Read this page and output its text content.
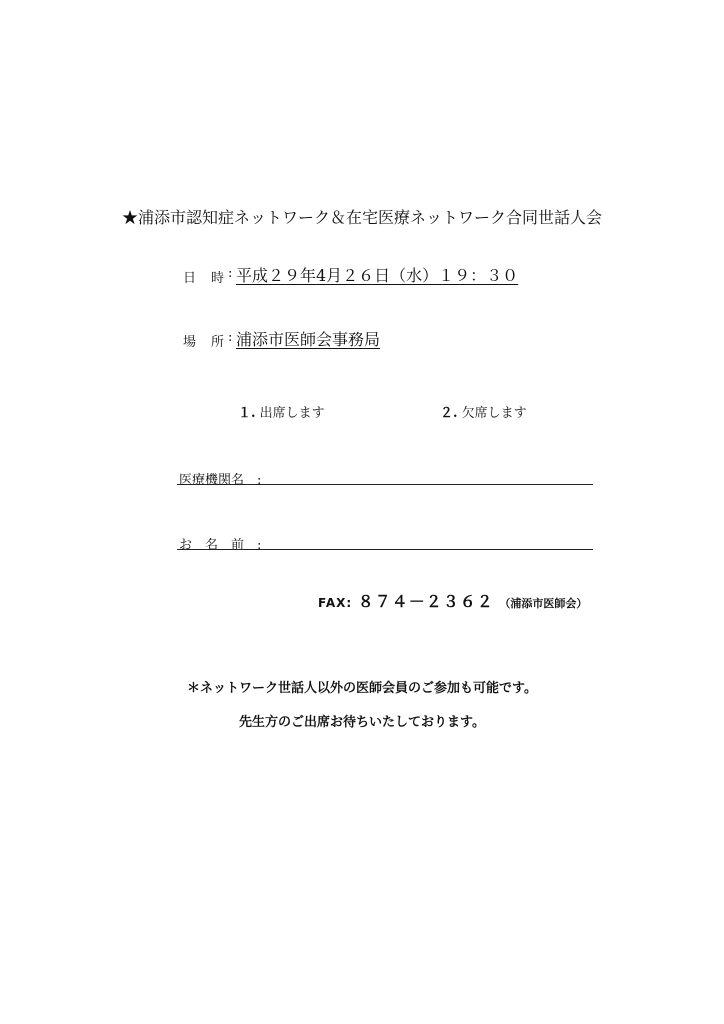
★浦添市認知症ネットワーク＆在宅医療ネットワーク合同世話人会
日　時 : 平成２９年4月２６日（水）１９：３０
場　所 : 浦添市医師会事務局
１. 出席します	２. 欠席します
医療機関名　:
お　名　前　:
FAX: ８７４－２３６２ （浦添市医師会）
＊ネットワーク世話人以外の医師会員のご参加も可能です。
先生方のご出席お待ちいたしております。
